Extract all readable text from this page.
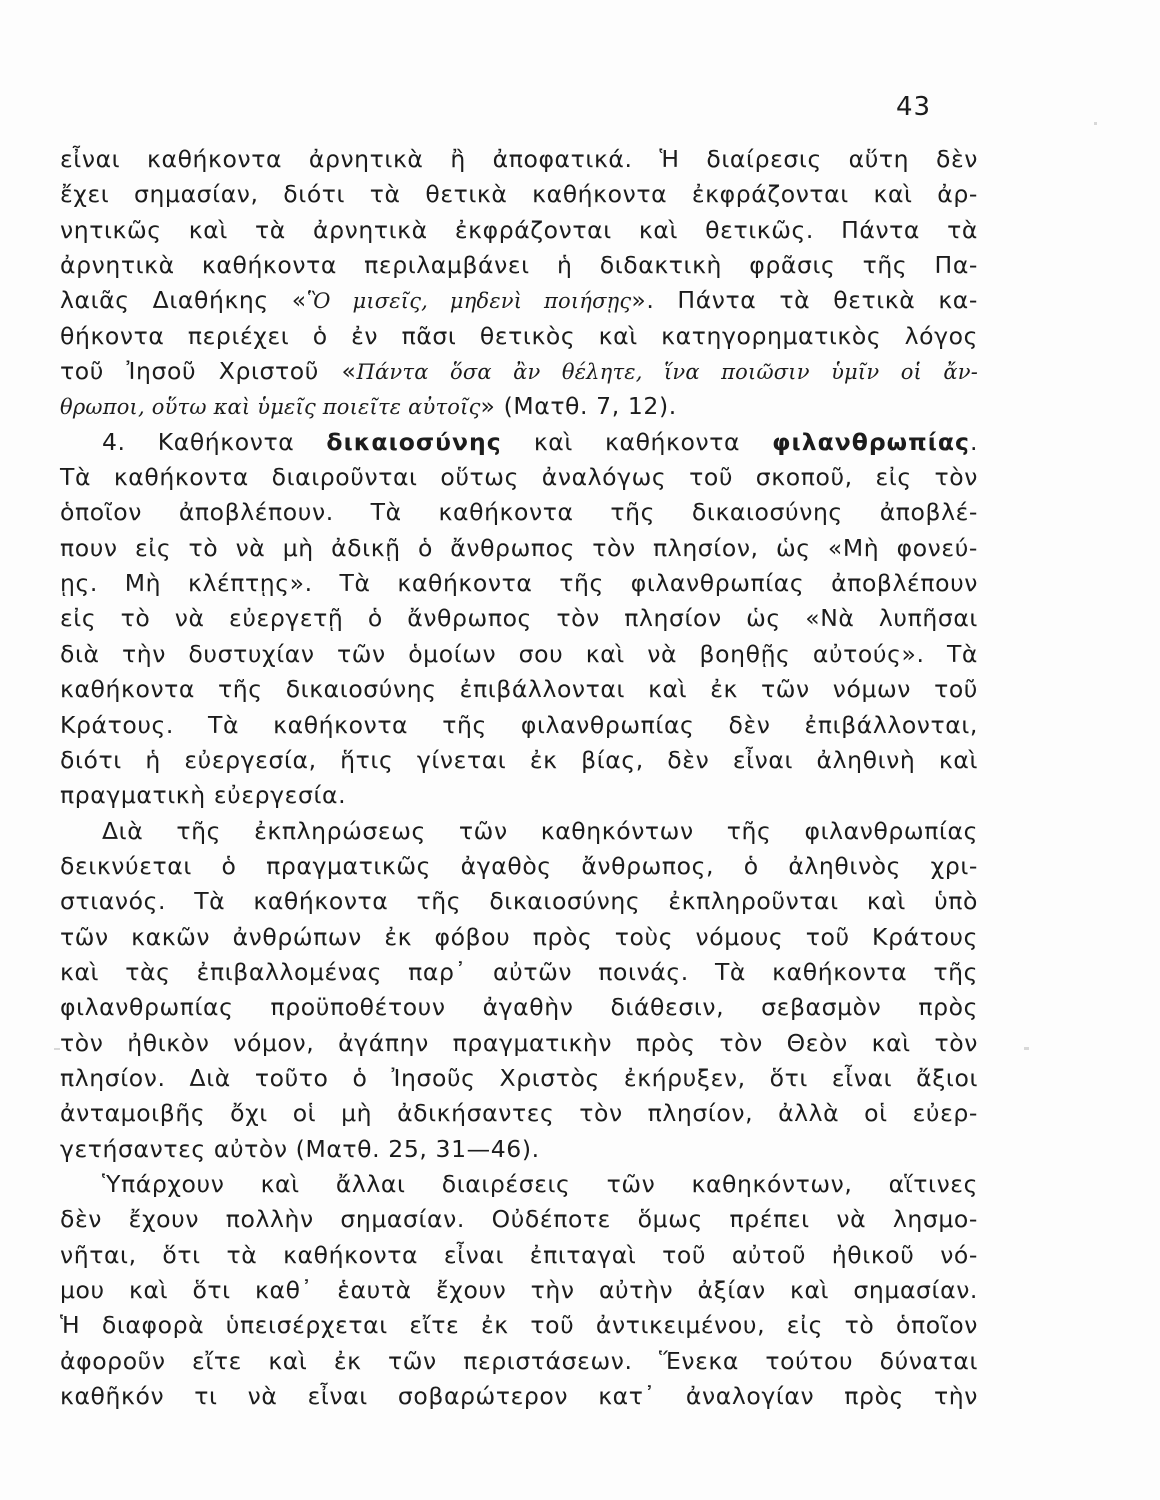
43
εἶναι καθήκοντα ἀρνητικὰ ἢ ἀποφατικά. Ἡ διαίρεσις αὕτη δὲν
ἔχει σημασίαν, διότι τὰ θετικὰ καθήκοντα ἐκφράζονται καὶ ἀρ-
νητικῶς καὶ τὰ ἀρνητικὰ ἐκφράζονται καὶ θετικῶς. Πάντα τὰ
ἀρνητικὰ καθήκοντα περιλαμβάνει ἡ διδακτικὴ φρᾶσις τῆς Πα-
λαιᾶς Διαθήκης «Ὃ μισεῖς, μηδενὶ ποιήσῃς». Πάντα τὰ θετικὰ κα-
θήκοντα περιέχει ὁ ἐν πᾶσι θετικὸς καὶ κατηγορηματικὸς λόγος
τοῦ Ἰησοῦ Χριστοῦ «Πάντα ὅσα ἂν θέλητε, ἵνα ποιῶσιν ὑμῖν οἱ ἄν-
θρωποι, οὕτω καὶ ὑμεῖς ποιεῖτε αὐτοῖς» (Ματθ. 7, 12).
4. Καθήκοντα δικαιοσύνης καὶ καθήκοντα φιλανθρωπίας.
Τὰ καθήκοντα διαιροῦνται οὕτως ἀναλόγως τοῦ σκοποῦ, εἰς τὸν
ὁποῖον ἀποβλέπουν. Τὰ καθήκοντα τῆς δικαιοσύνης ἀποβλέ-
πουν εἰς τὸ νὰ μὴ ἀδικῇ ὁ ἄνθρωπος τὸν πλησίον, ὡς «Μὴ φονεύ-
ῃς. Μὴ κλέπτῃς». Τὰ καθήκοντα τῆς φιλανθρωπίας ἀποβλέπουν
εἰς τὸ νὰ εὐεργετῇ ὁ ἄνθρωπος τὸν πλησίον ὡς «Νὰ λυπῆσαι
διὰ τὴν δυστυχίαν τῶν ὁμοίων σου καὶ νὰ βοηθῇς αὐτούς». Τὰ
καθήκοντα τῆς δικαιοσύνης ἐπιβάλλονται καὶ ἐκ τῶν νόμων τοῦ
Κράτους. Τὰ καθήκοντα τῆς φιλανθρωπίας δὲν ἐπιβάλλονται,
διότι ἡ εὐεργεσία, ἥτις γίνεται ἐκ βίας, δὲν εἶναι ἀληθινὴ καὶ
πραγματικὴ εὐεργεσία.
Διὰ τῆς ἐκπληρώσεως τῶν καθηκόντων τῆς φιλανθρωπίας
δεικνύεται ὁ πραγματικῶς ἀγαθὸς ἄνθρωπος, ὁ ἀληθινὸς χρι-
στιανός. Τὰ καθήκοντα τῆς δικαιοσύνης ἐκπληροῦνται καὶ ὑπὸ
τῶν κακῶν ἀνθρώπων ἐκ φόβου πρὸς τοὺς νόμους τοῦ Κράτους
καὶ τὰς ἐπιβαλλομένας παρ᾽ αὐτῶν ποινάς. Τὰ καθήκοντα τῆς
φιλανθρωπίας προϋποθέτουν ἀγαθὴν διάθεσιν, σεβασμὸν πρὸς
τὸν ἠθικὸν νόμον, ἀγάπην πραγματικὴν πρὸς τὸν Θεὸν καὶ τὸν
πλησίον. Διὰ τοῦτο ὁ Ἰησοῦς Χριστὸς ἐκήρυξεν, ὅτι εἶναι ἄξιοι
ἀνταμοιβῆς ὄχι οἱ μὴ ἀδικήσαντες τὸν πλησίον, ἀλλὰ οἱ εὐερ-
γετήσαντες αὐτὸν (Ματθ. 25, 31—46).
Ὑπάρχουν καὶ ἄλλαι διαιρέσεις τῶν καθηκόντων, αἵτινες
δὲν ἔχουν πολλὴν σημασίαν. Οὐδέποτε ὅμως πρέπει νὰ λησμο-
νῆται, ὅτι τὰ καθήκοντα εἶναι ἐπιταγαὶ τοῦ αὐτοῦ ἠθικοῦ νό-
μου καὶ ὅτι καθ᾽ ἑαυτὰ ἔχουν τὴν αὐτὴν ἀξίαν καὶ σημασίαν.
Ἡ διαφορὰ ὑπεισέρχεται εἴτε ἐκ τοῦ ἀντικειμένου, εἰς τὸ ὁποῖον
ἀφοροῦν εἴτε καὶ ἐκ τῶν περιστάσεων. Ἕνεκα τούτου δύναται
καθῆκόν τι νὰ εἶναι σοβαρώτερον κατ᾽ ἀναλογίαν πρὸς τὴν
